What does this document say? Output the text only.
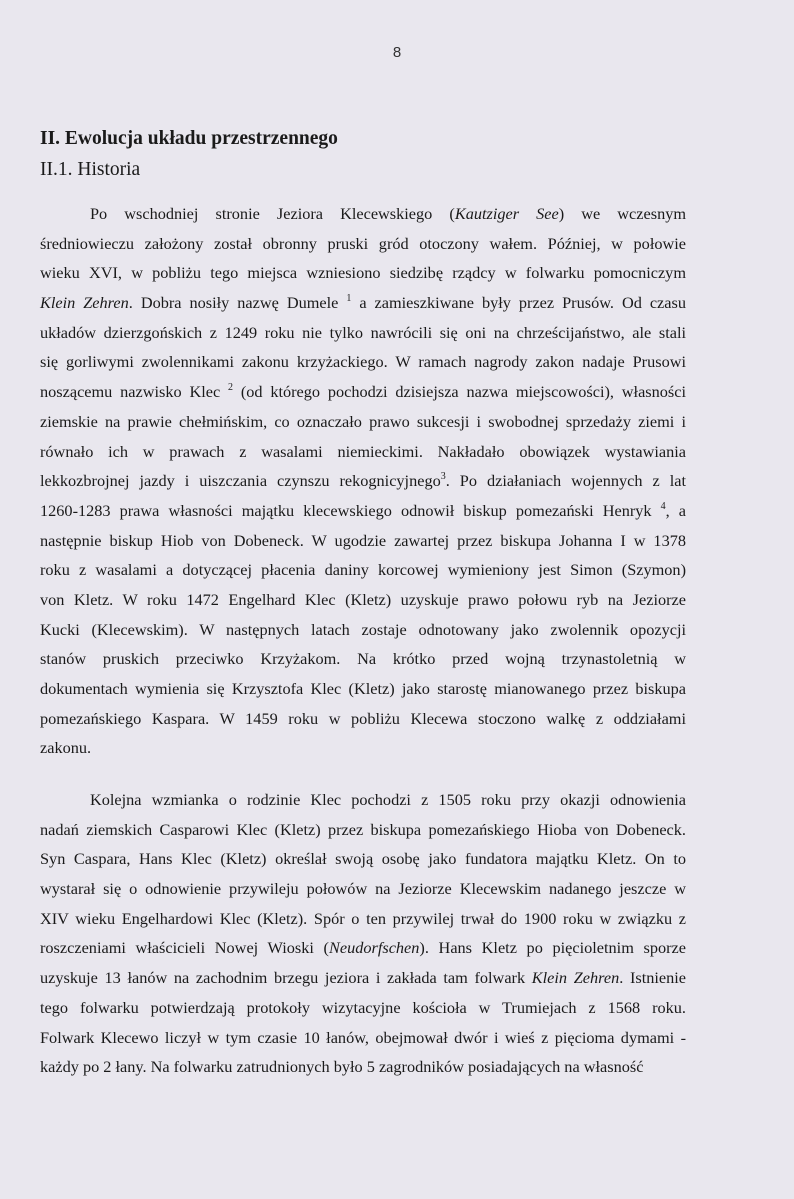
8
II. Ewolucja układu przestrzennego
II.1. Historia
Po wschodniej stronie Jeziora Klecewskiego (Kautziger See) we wczesnym
średniowieczu założony został obronny pruski gród otoczony wałem. Później, w połowie
wieku XVI, w pobliżu tego miejsca wzniesiono siedzibę rządcy w folwarku pomocniczym
Klein Zehren. Dobra nosiły nazwę Dumele $^1$ a zamieszkiwane były przez Prusów. Od czasu
układów dzierzgońskich z 1249 roku nie tylko nawrócili się oni na chrześcijaństwo, ale stali
się gorliwymi zwolennikami zakonu krzyżackiego. W ramach nagrody zakon nadaje Prusowi
noszącemu nazwisko Klec $^2$ (od którego pochodzi dzisiejsza nazwa miejscowości), własności
ziemskie na prawie chełmińskim, co oznaczało prawo sukcesji i swobodnej sprzedaży ziemi i
równało ich w prawach z wasalami niemieckimi. Nakładało obowiązek wystawiania
lekkozbrojnej jazdy i uiszczania czynszu rekognicyjnego$^3$. Po działaniach wojennych z lat
1260-1283 prawa własności majątku klecewskiego odnowił biskup pomezański Henryk $^4$, a
następnie biskup Hiob von Dobeneck. W ugodzie zawartej przez biskupa Johanna I w 1378
roku z wasalami a dotyczącej płacenia daniny korcowej wymieniony jest Simon (Szymon)
von Kletz. W roku 1472 Engelhard Klec (Kletz) uzyskuje prawo połowu ryb na Jeziorze
Kucki (Klecewskim). W następnych latach zostaje odnotowany jako zwolennik opozycji
stanów pruskich przeciwko Krzyżakom. Na krótko przed wojną trzynastoletnią w
dokumentach wymienia się Krzysztofa Klec (Kletz) jako starostę mianowanego przez biskupa
pomezańskiego Kaspara. W 1459 roku w pobliżu Klecewa stoczono walkę z oddziałami
zakonu.
Kolejna wzmianka o rodzinie Klec pochodzi z 1505 roku przy okazji odnowienia
nadań ziemskich Casparowi Klec (Kletz) przez biskupa pomezańskiego Hioba von Dobeneck.
Syn Caspara, Hans Klec (Kletz) określał swoją osobę jako fundatora majątku Kletz. On to
wystarał się o odnowienie przywileju połowów na Jeziorze Klecewskim nadanego jeszcze w
XIV wieku Engelhardowi Klec (Kletz). Spór o ten przywilej trwał do 1900 roku w związku z
roszczeniami właścicieli Nowej Wioski (Neudorfschen). Hans Kletz po pięcioletnim sporze
uzyskuje 13 łanów na zachodnim brzegu jeziora i zakłada tam folwark Klein Zehren. Istnienie
tego folwarku potwierdzają protokoły wizytacyjne kościoła w Trumiejach z 1568 roku.
Folwark Klecewo liczył w tym czasie 10 łanów, obejmował dwór i wieś z pięcioma dymami -
każdy po 2 łany. Na folwarku zatrudnionych było 5 zagrodników posiadających na własność
